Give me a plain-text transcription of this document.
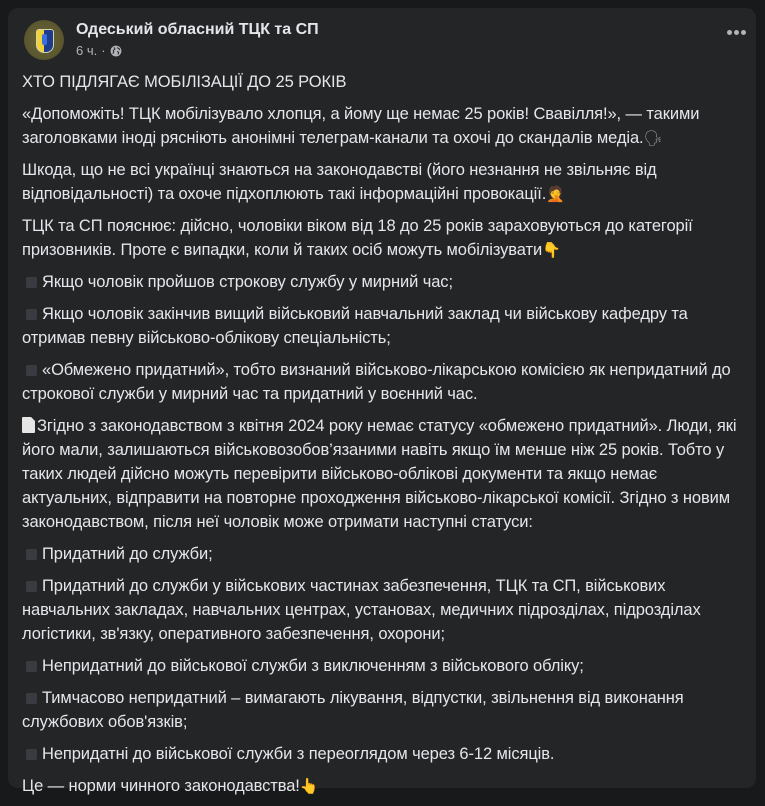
Одеський обласний ТЦК та СП
6 ч. ·

ХТО ПІДЛЯГАЄ МОБІЛІЗАЦІЇ ДО 25 РОКІВ

«Допоможіть! ТЦК мобілізувало хлопця, а йому ще немає 25 років! Свавілля!», — такими заголовками іноді рясніють анонімні телеграм-канали та охочі до скандалів медіа.🗣

Шкода, що не всі українці знаються на законодавстві (його незнання не звільняє від відповідальності) та охоче підхоплюють такі інформаційні провокації.🤦

ТЦК та СП пояснює: дійсно, чоловіки віком від 18 до 25 років зараховуються до категорії призовників. Проте є випадки, коли й таких осіб можуть мобілізувати👇

Якщо чоловік пройшов строкову службу у мирний час;

Якщо чоловік закінчив вищий військовий навчальний заклад чи військову кафедру та отримав певну військово-облікову спеціальність;

«Обмежено придатний», тобто визнаний військово-лікарською комісією як непридатний до строкової служби у мирний час та придатний у воєнний час.

Згідно з законодавством з квітня 2024 року немає статусу «обмежено придатний». Люди, які його мали, залишаються військовозобов’язаними навіть якщо їм менше ніж 25 років. Тобто у таких людей дійсно можуть перевірити військово-облікові документи та якщо немає актуальних, відправити на повторне проходження військово-лікарської комісії. Згідно з новим законодавством, після неї чоловік може отримати наступні статуси:

Придатний до служби;

Придатний до служби у військових частинах забезпечення, ТЦК та СП, військових навчальних закладах, навчальних центрах, установах, медичних підрозділах, підрозділах логістики, зв'язку, оперативного забезпечення, охорони;

Непридатний до військової служби з виключенням з військового обліку;

Тимчасово непридатний – вимагають лікування, відпустки, звільнення від виконання службових обов'язків;

Непридатні до військової служби з переоглядом через 6-12 місяців.

Це — норми чинного законодавства!👆
